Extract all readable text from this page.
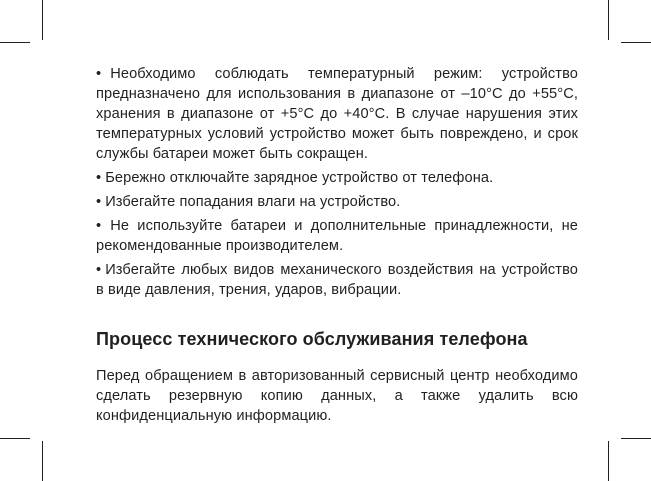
• Необходимо соблюдать температурный режим: устройство предназначено для использования в диапазоне от –10°С до +55°С, хранения в диапазоне от +5°С до +40°С. В случае нарушения этих температурных условий устройство может быть повреждено, и срок службы батареи может быть сокращен.

• Бережно отключайте зарядное устройство от телефона.

• Избегайте попадания влаги на устройство.

• Не используйте батареи и дополнительные принадлежности, не рекомендованные производителем.

• Избегайте любых видов механического воздействия на устройство в виде давления, трения, ударов, вибрации.

Процесс технического обслуживания телефона

Перед обращением в авторизованный сервисный центр необходимо сделать резервную копию данных, а также удалить всю конфиденциальную информацию.
